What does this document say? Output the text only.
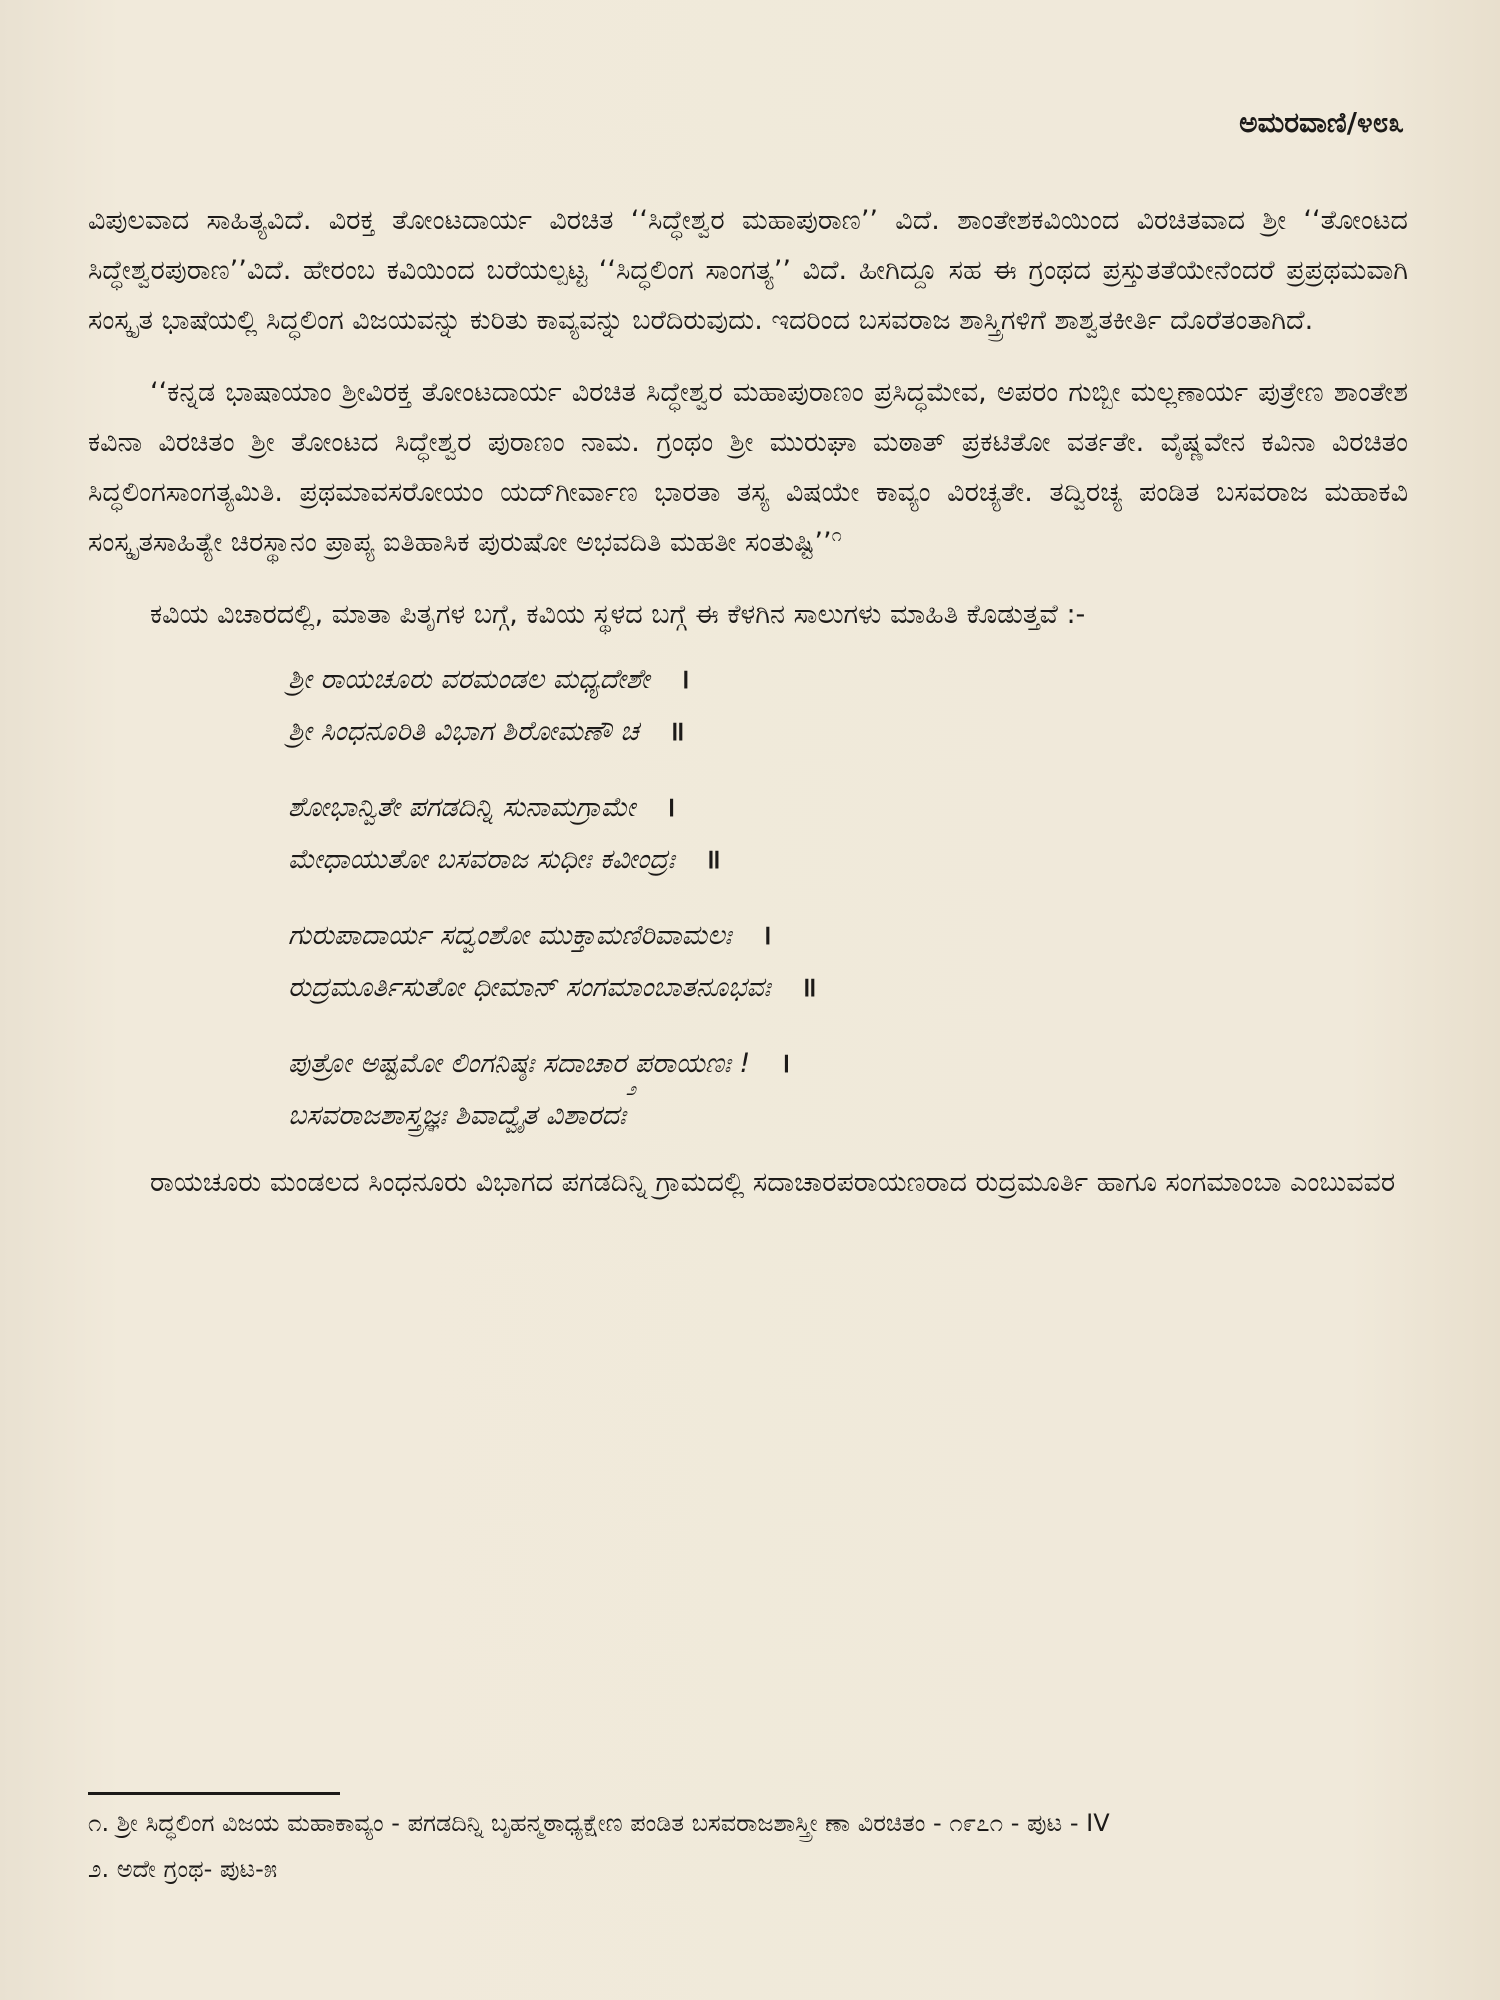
ಅಮರವಾಣಿ/೪೮೩

ವಿಪುಲವಾದ ಸಾಹಿತ್ಯವಿದೆ. ವಿರಕ್ತ ತೋಂಟದಾರ್ಯ ವಿರಚಿತ ‘‘ಸಿದ್ಧೇಶ್ವರ ಮಹಾಪುರಾಣ’’ ವಿದೆ. ಶಾಂತೇಶಕವಿಯಿಂದ ವಿರಚಿತವಾದ ಶ್ರೀ ‘‘ತೋಂಟದ ಸಿದ್ಧೇಶ್ವರಪುರಾಣ’’ವಿದೆ. ಹೇರಂಬ ಕವಿಯಿಂದ ಬರೆಯಲ್ಪಟ್ಟ ‘‘ಸಿದ್ಧಲಿಂಗ ಸಾಂಗತ್ಯ’’ ವಿದೆ. ಹೀಗಿದ್ದೂ ಸಹ ಈ ಗ್ರಂಥದ ಪ್ರಸ್ತುತತೆಯೇನೆಂದರೆ ಪ್ರಪ್ರಥಮವಾಗಿ ಸಂಸ್ಕೃತ ಭಾಷೆಯಲ್ಲಿ ಸಿದ್ಧಲಿಂಗ ವಿಜಯವನ್ನು ಕುರಿತು ಕಾವ್ಯವನ್ನು ಬರೆದಿರುವುದು. ಇದರಿಂದ ಬಸವರಾಜ ಶಾಸ್ತ್ರಿಗಳಿಗೆ ಶಾಶ್ವತಕೀರ್ತಿ ದೊರೆತಂತಾಗಿದೆ.

‘‘ಕನ್ನಡ ಭಾಷಾಯಾಂ ಶ್ರೀವಿರಕ್ತ ತೋಂಟದಾರ್ಯ ವಿರಚಿತ ಸಿದ್ಧೇಶ್ವರ ಮಹಾಪುರಾಣಂ ಪ್ರಸಿದ್ಧಮೇವ, ಅಪರಂ ಗುಬ್ಬೀ ಮಲ್ಲಣಾರ್ಯ ಪುತ್ರೇಣ ಶಾಂತೇಶ ಕವಿನಾ ವಿರಚಿತಂ ಶ್ರೀ ತೋಂಟದ ಸಿದ್ಧೇಶ್ವರ ಪುರಾಣಂ ನಾಮ. ಗ್ರಂಥಂ ಶ್ರೀ ಮುರುಘಾ ಮಠಾತ್ ಪ್ರಕಟಿತೋ ವರ್ತತೇ. ವೈಷ್ಣವೇನ ಕವಿನಾ ವಿರಚಿತಂ ಸಿದ್ಧಲಿಂಗಸಾಂಗತ್ಯಮಿತಿ. ಪ್ರಥಮಾವಸರೋಯಂ ಯದ್‌ಗೀರ್ವಾಣ ಭಾರತಾ ತಸ್ಯ ವಿಷಯೇ ಕಾವ್ಯಂ ವಿರಚ್ಯತೇ. ತದ್ವಿರಚ್ಯ ಪಂಡಿತ ಬಸವರಾಜ ಮಹಾಕವಿ ಸಂಸ್ಕೃತಸಾಹಿತ್ಯೇ ಚಿರಸ್ಥಾನಂ ಪ್ರಾಪ್ಯ ಐತಿಹಾಸಿಕ ಪುರುಷೋ ಅಭವದಿತಿ ಮಹತೀ ಸಂತುಷ್ಟಿ’’$^೧$

ಕವಿಯ ವಿಚಾರದಲ್ಲಿ, ಮಾತಾ ಪಿತೃಗಳ ಬಗ್ಗೆ, ಕವಿಯ ಸ್ಥಳದ ಬಗ್ಗೆ ಈ ಕೆಳಗಿನ ಸಾಲುಗಳು ಮಾಹಿತಿ ಕೊಡುತ್ತವೆ :-

ಶ್ರೀ ರಾಯಚೂರು ವರಮಂಡಲ ಮಧ್ಯದೇಶೇ ।
ಶ್ರೀ ಸಿಂಧನೂರಿತಿ ವಿಭಾಗ ಶಿರೋಮಣೌ ಚ ॥
ಶೋಭಾನ್ವಿತೇ ಪಗಡದಿನ್ನಿ ಸುನಾಮಗ್ರಾಮೇ ।
ಮೇಧಾಯುತೋ ಬಸವರಾಜ ಸುಧೀಃ ಕವೀಂದ್ರಃ ॥
ಗುರುಪಾದಾರ್ಯ ಸದ್ವಂಶೋ ಮುಕ್ತಾಮಣಿರಿವಾಮಲಃ ।
ರುದ್ರಮೂರ್ತಿಸುತೋ ಧೀಮಾನ್ ಸಂಗಮಾಂಬಾತನೂಭವಃ ॥
ಪುತ್ರೋ ಅಷ್ಟಮೋ ಲಿಂಗನಿಷ್ಠಃ ಸದಾಚಾರ ಪರಾಯಣಃ ! ।
ಬಸವರಾಜಶಾಸ್ತ್ರಜ್ಞಃ ಶಿವಾದ್ವೈತ ವಿಶಾರದಃ
೨

ರಾಯಚೂರು ಮಂಡಲದ ಸಿಂಧನೂರು ವಿಭಾಗದ ಪಗಡದಿನ್ನಿ ಗ್ರಾಮದಲ್ಲಿ ಸದಾಚಾರಪರಾಯಣರಾದ ರುದ್ರಮೂರ್ತಿ ಹಾಗೂ ಸಂಗಮಾಂಬಾ ಎಂಬುವವರ

೧. ಶ್ರೀ ಸಿದ್ಧಲಿಂಗ ವಿಜಯ ಮಹಾಕಾವ್ಯಂ - ಪಗಡದಿನ್ನಿ ಬೃಹನ್ಮಠಾಧ್ಯಕ್ಷೇಣ ಪಂಡಿತ ಬಸವರಾಜಶಾಸ್ತ್ರೀ ಣಾ ವಿರಚಿತಂ - ೧೯೭೧ - ಪುಟ - IV

೨. ಅದೇ ಗ್ರಂಥ- ಪುಟ-೫
